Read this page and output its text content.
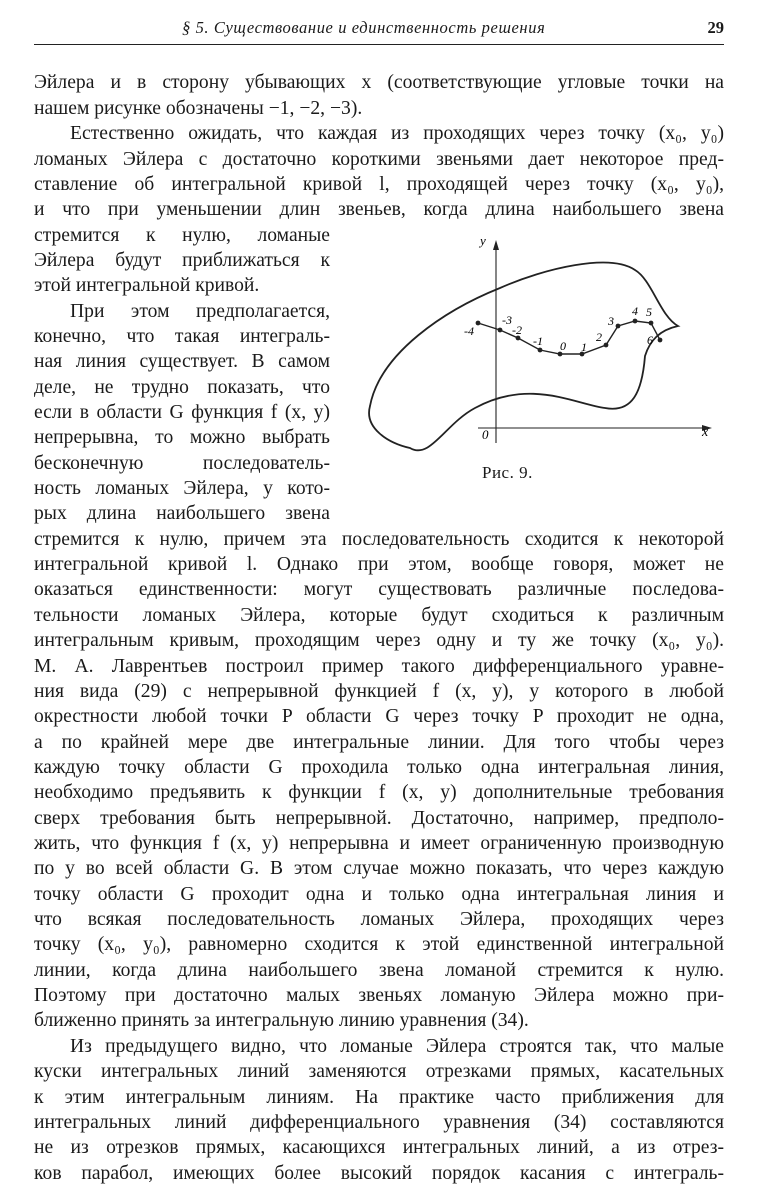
§ 5. Существование и единственность решения	29
Эйлера и в сторону убывающих x (соответствующие угловые точки на
нашем рисунке обозначены −1, −2, −3).
Естественно ожидать, что каждая из проходящих через точку (x₀, y₀)
ломаных Эйлера с достаточно короткими звеньями дает некоторое пред-
ставление об интегральной кривой l, проходящей через точку (x₀, y₀),
и что при уменьшении длин звеньев, когда длина наибольшего звена
стремится к нулю, ломаные
Эйлера будут приближаться к
этой интегральной кривой.
При этом предполагается,
конечно, что такая интеграль-
ная линия существует. В самом
деле, не трудно показать, что
если в области G функция f (x, y)
непрерывна, то можно выбрать
бесконечную последователь-
ность ломаных Эйлера, у кото-
рых длина наибольшего звена
стремится к нулю, причем эта последовательность сходится к некоторой
интегральной кривой l. Однако при этом, вообще говоря, может не
оказаться единственности: могут существовать различные последова-
тельности ломаных Эйлера, которые будут сходиться к различным
интегральным кривым, проходящим через одну и ту же точку (x₀, y₀).
М. А. Лаврентьев построил пример такого дифференциального уравне-
ния вида (29) с непрерывной функцией f (x, y), у которого в любой
окрестности любой точки P области G через точку P проходит не одна,
а по крайней мере две интегральные линии. Для того чтобы через
каждую точку области G проходила только одна интегральная линия,
необходимо предъявить к функции f (x, y) дополнительные требования
сверх требования быть непрерывной. Достаточно, например, предполо-
жить, что функция f (x, y) непрерывна и имеет ограниченную производную
по y во всей области G. В этом случае можно показать, что через каждую
точку области G проходит одна и только одна интегральная линия и
что всякая последовательность ломаных Эйлера, проходящих через
точку (x₀, y₀), равномерно сходится к этой единственной интегральной
линии, когда длина наибольшего звена ломаной стремится к нулю.
Поэтому при достаточно малых звеньях ломаную Эйлера можно при-
ближенно принять за интегральную линию уравнения (34).
Из предыдущего видно, что ломаные Эйлера строятся так, что малые
куски интегральных линий заменяются отрезками прямых, касательных
к этим интегральным линиям. На практике часто приближения для
интегральных линий дифференциального уравнения (34) составляются
не из отрезков прямых, касающихся интегральных линий, а из отрез-
ков парабол, имеющих более высокий порядок касания с интеграль-
y
x
0
-4
-3
-2
-1 0 1
2
3
4 5
6
Рис. 9.
